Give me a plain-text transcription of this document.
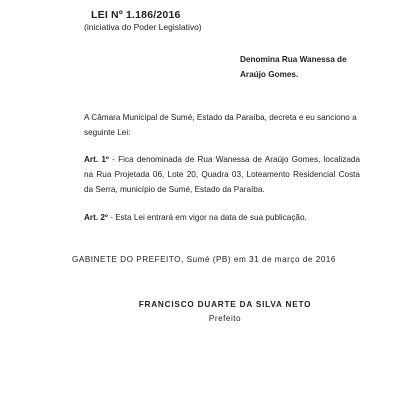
LEI Nº 1.186/2016
(iniciativa do Poder Legislativo)
Denomina Rua Wanessa de
Araújo Gomes.
A Câmara Municipal de Sumé, Estado da Paraíba, decreta e eu sanciono a seguinte Lei:
Art. 1º - Fica denominada de Rua Wanessa de Araújo Gomes, localizada na Rua Projetada 06, Lote 20, Quadra 03, Loteamento Residencial Costa da Serra, município de Sumé, Estado da Paraíba.
Art. 2º - Esta Lei entrará em vigor na data de sua publicação.
GABINETE DO PREFEITO, Sumé (PB) em 31 de março de 2016
FRANCISCO DUARTE DA SILVA NETO
Prefeito
